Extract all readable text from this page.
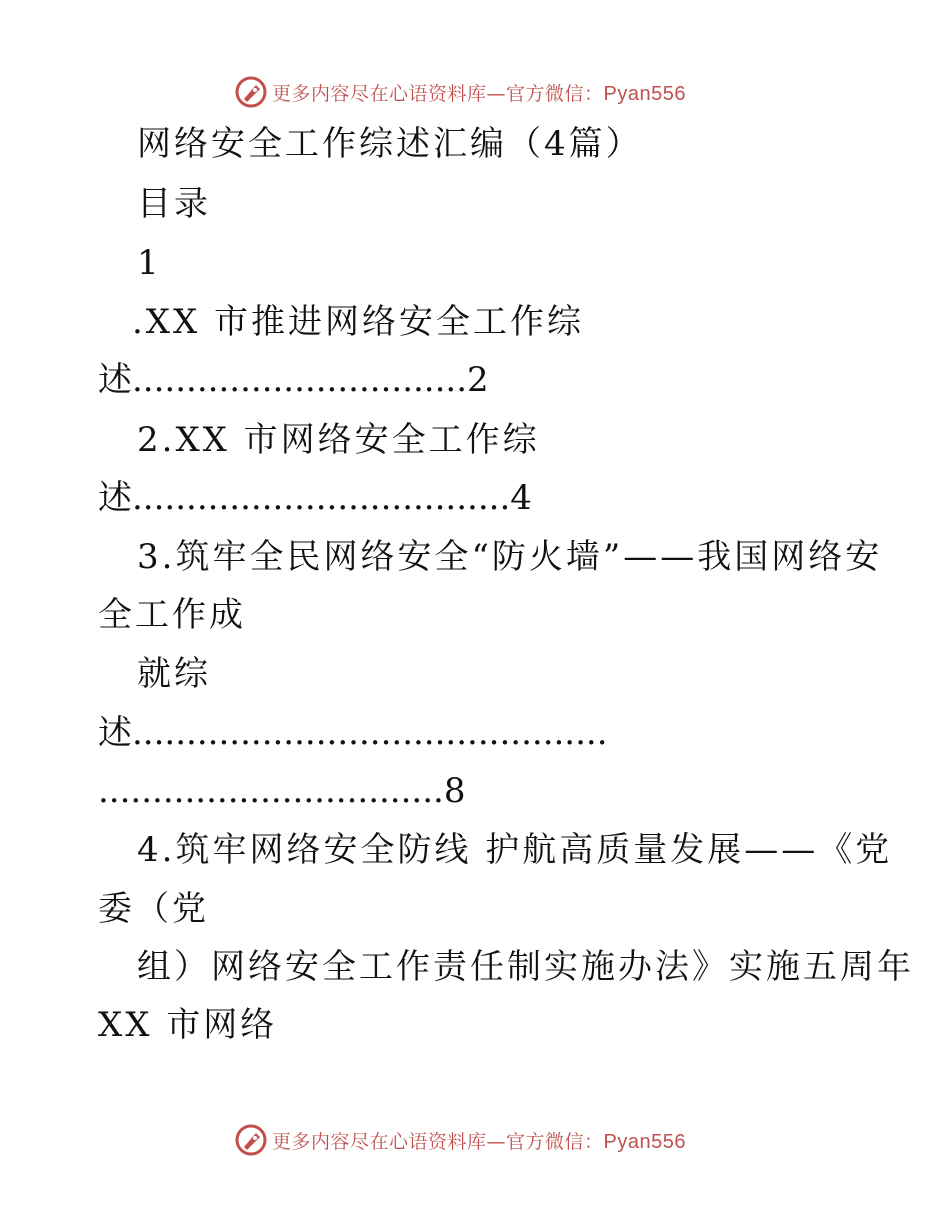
更多内容尽在心语资料库—官方微信：Pyan556
网络安全工作综述汇编（4篇）
目录
1
.XX 市推进网络安全工作综
述...............................2
2.XX 市网络安全工作综
述...................................4
3.筑牢全民网络安全“防火墙”——我国网络安
全工作成
就综
述............................................
................................8
4.筑牢网络安全防线 护航高质量发展——《党
委（党
组）网络安全工作责任制实施办法》实施五周年
XX 市网络
更多内容尽在心语资料库—官方微信：Pyan556
